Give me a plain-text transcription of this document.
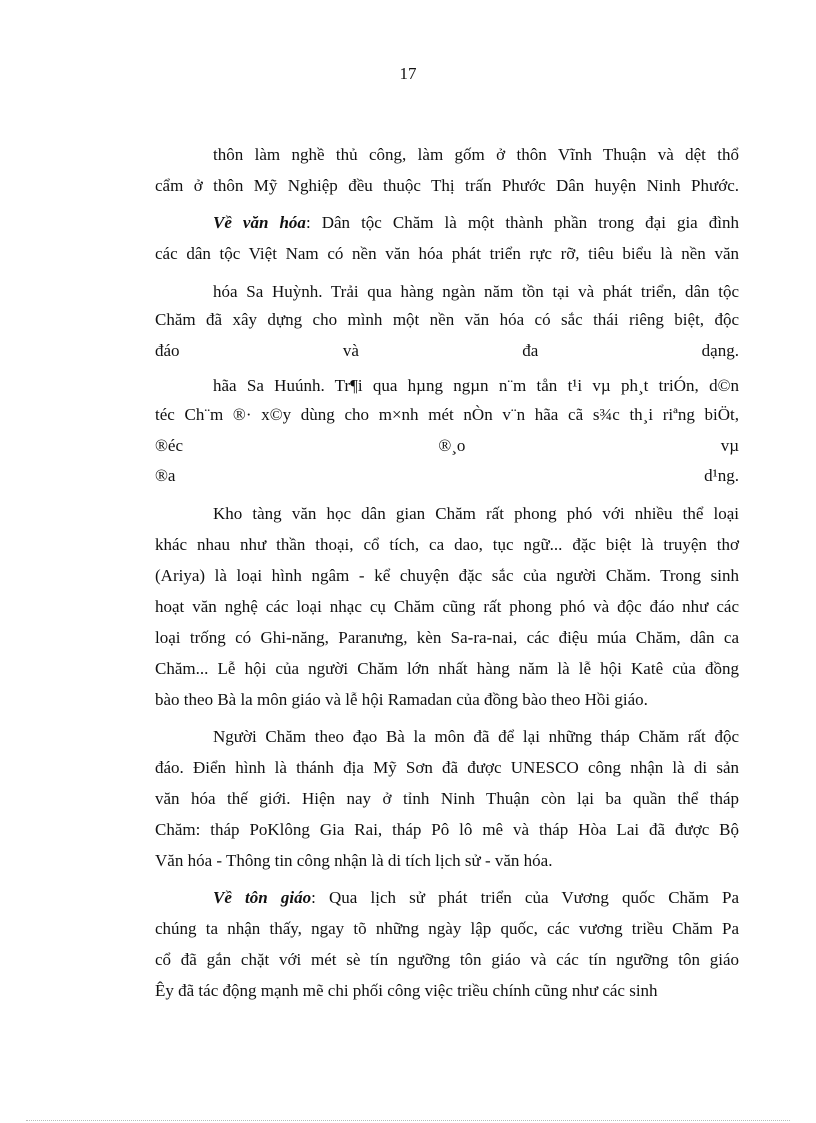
17
thôn làm nghề thủ công, làm gốm ở thôn Vĩnh Thuận và dệt thổ
cẩm ở thôn Mỹ Nghiệp đều thuộc Thị trấn Phước Dân huyện Ninh Phước.
Về văn hóa: Dân tộc Chăm là một thành phần trong đại gia đình
các dân tộc Việt Nam có nền văn hóa phát triển rực rỡ, tiêu biểu là nền văn
hóa Sa Huỳnh. Trải qua hàng ngàn năm tồn tại và phát triển, dân tộc
Chăm đã xây dựng cho mình một nền văn hóa có sắc thái riêng biệt, độc
đáo	và	đa	dạng.
hãa Sa Huúnh. Tr¶i qua hµng ngµn n¨m tån t¹i vµ ph¸t triÓn, d©n
téc Ch¨m ®· x©y dùng cho m×nh mét nÒn v¨n hãa cã s¾c th¸i riªng biÖt,
®éc	®¸o	vµ
®a	d¹ng.
Kho tàng văn học dân gian Chăm rất phong phó với nhiều thể loại
khác nhau như thần thoại, cổ tích, ca dao, tục ngữ... đặc biệt là truyện thơ
(Ariya) là loại hình ngâm - kể chuyện đặc sắc của người Chăm. Trong sinh
hoạt văn nghệ các loại nhạc cụ Chăm cũng rất phong phó và độc đáo như các
loại trống có Ghi-năng, Paranưng, kèn Sa-ra-nai, các điệu múa Chăm, dân ca
Chăm... Lễ hội của người Chăm lớn nhất hàng năm là lễ hội Katê của đồng
bào theo Bà la môn giáo và lễ hội Ramadan của đồng bào theo Hồi giáo.
Người Chăm theo đạo Bà la môn đã để lại những tháp Chăm rất độc
đáo. Điển hình là thánh địa Mỹ Sơn đã được UNESCO công nhận là di sản
văn hóa thế giới. Hiện nay ở tỉnh Ninh Thuận còn lại ba quần thể tháp
Chăm: tháp PoKlông Gia Rai, tháp Pô lô mê và tháp Hòa Lai đã được Bộ
Văn hóa - Thông tin công nhận là di tích lịch sử - văn hóa.
Về tôn giáo: Qua lịch sử phát triển của Vương quốc Chăm Pa
chúng ta nhận thấy, ngay tõ những ngày lập quốc, các vương triều Chăm Pa
cổ đã gắn chặt với mét sè tín ngưỡng tôn giáo và các tín ngưỡng tôn giáo
Êy đã tác động mạnh mẽ chi phối công việc triều chính cũng như các sinh
